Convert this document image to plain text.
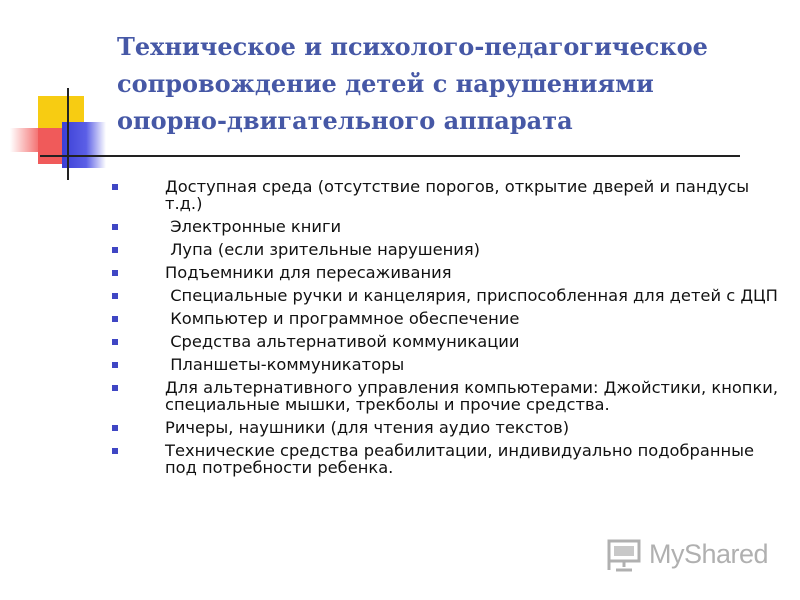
Техническое и психолого-педагогическое
сопровождение детей с нарушениями
опорно-двигательного аппарата
Доступная среда (отсутствие порогов, открытие дверей и пандусы т.д.)
Электронные книги
Лупа (если зрительные нарушения)
Подъемники для пересаживания
Специальные ручки и канцелярия, приспособленная для детей с ДЦП
Компьютер и программное обеспечение
Средства альтернативой коммуникации
Планшеты-коммуникаторы
Для альтернативного управления компьютерами: Джойстики, кнопки, специальные мышки, трекболы и прочие средства.
Ричеры, наушники (для чтения аудио текстов)
Технические средства реабилитации, индивидуально подобранные под потребности ребенка.
MyShared
